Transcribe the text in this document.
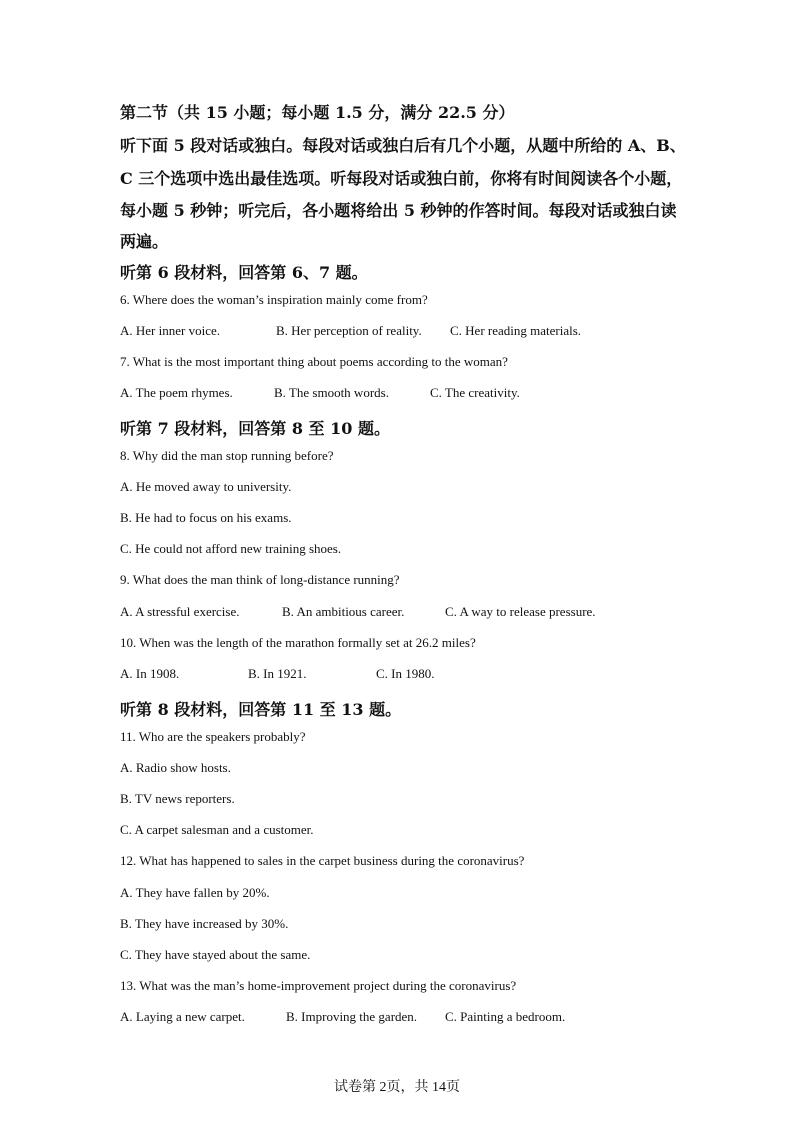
第二节（共 15 小题；每小题 1.5 分，满分 22.5 分）
听下面 5 段对话或独白。每段对话或独白后有几个小题，从题中所给的 A、B、
C 三个选项中选出最佳选项。听每段对话或独白前，你将有时间阅读各个小题，
每小题 5 秒钟；听完后，各小题将给出 5 秒钟的作答时间。每段对话或独白读
两遍。
听第 6 段材料，回答第 6、7 题。
6. Where does the woman’s inspiration mainly come from?
A. Her inner voice.	B. Her perception of reality. C. Her reading materials.
7. What is the most important thing about poems according to the woman?
A. The poem rhymes.	B. The smooth words.	C. The creativity.
听第 7 段材料，回答第 8 至 10 题。
8. Why did the man stop running before?
A. He moved away to university.
B. He had to focus on his exams.
C. He could not afford new training shoes.
9. What does the man think of long-distance running?
A. A stressful exercise.	B. An ambitious career.	C. A way to release pressure.
10. When was the length of the marathon formally set at 26.2 miles?
A. In 1908.	B. In 1921.	C. In 1980.
听第 8 段材料，回答第 11 至 13 题。
11. Who are the speakers probably?
A. Radio show hosts.
B. TV news reporters.
C. A carpet salesman and a customer.
12. What has happened to sales in the carpet business during the coronavirus?
A. They have fallen by 20%.
B. They have increased by 30%.
C. They have stayed about the same.
13. What was the man’s home-improvement project during the coronavirus?
A. Laying a new carpet.	B. Improving the garden. C. Painting a bedroom.
试卷第 2页，共 14页
